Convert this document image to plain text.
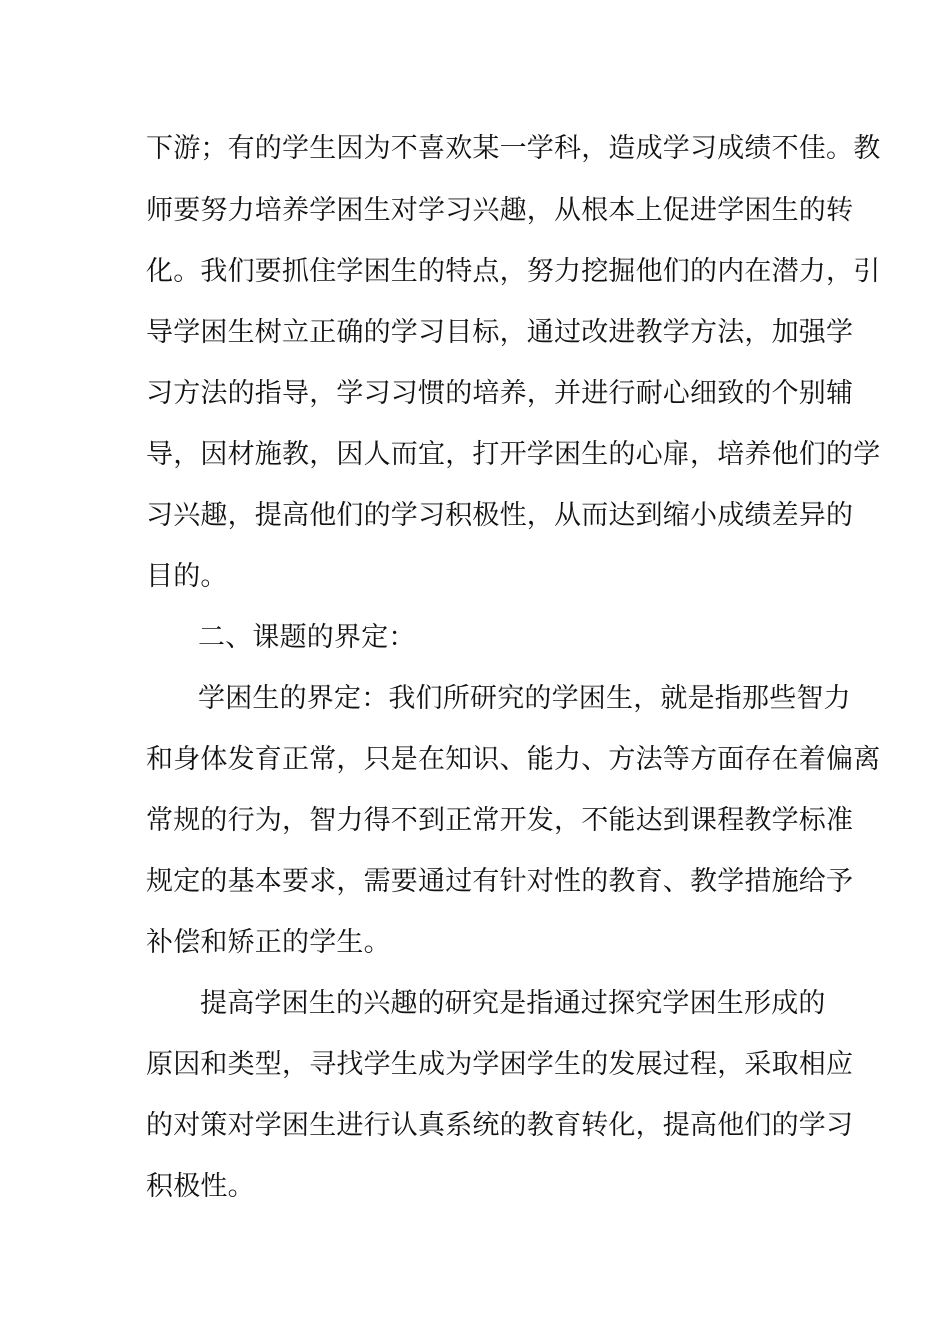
下游；有的学生因为不喜欢某一学科，造成学习成绩不佳。教
师要努力培养学困生对学习兴趣，从根本上促进学困生的转
化。我们要抓住学困生的特点，努力挖掘他们的内在潜力，引
导学困生树立正确的学习目标，通过改进教学方法，加强学
习方法的指导，学习习惯的培养，并进行耐心细致的个别辅
导，因材施教，因人而宜，打开学困生的心扉，培养他们的学
习兴趣，提高他们的学习积极性，从而达到缩小成绩差异的
目的。
二、课题的界定：
学困生的界定：我们所研究的学困生，就是指那些智力
和身体发育正常，只是在知识、能力、方法等方面存在着偏离
常规的行为，智力得不到正常开发，不能达到课程教学标准
规定的基本要求，需要通过有针对性的教育、教学措施给予
补偿和矫正的学生。
提高学困生的兴趣的研究是指通过探究学困生形成的
原因和类型，寻找学生成为学困学生的发展过程，采取相应
的对策对学困生进行认真系统的教育转化，提高他们的学习
积极性。
